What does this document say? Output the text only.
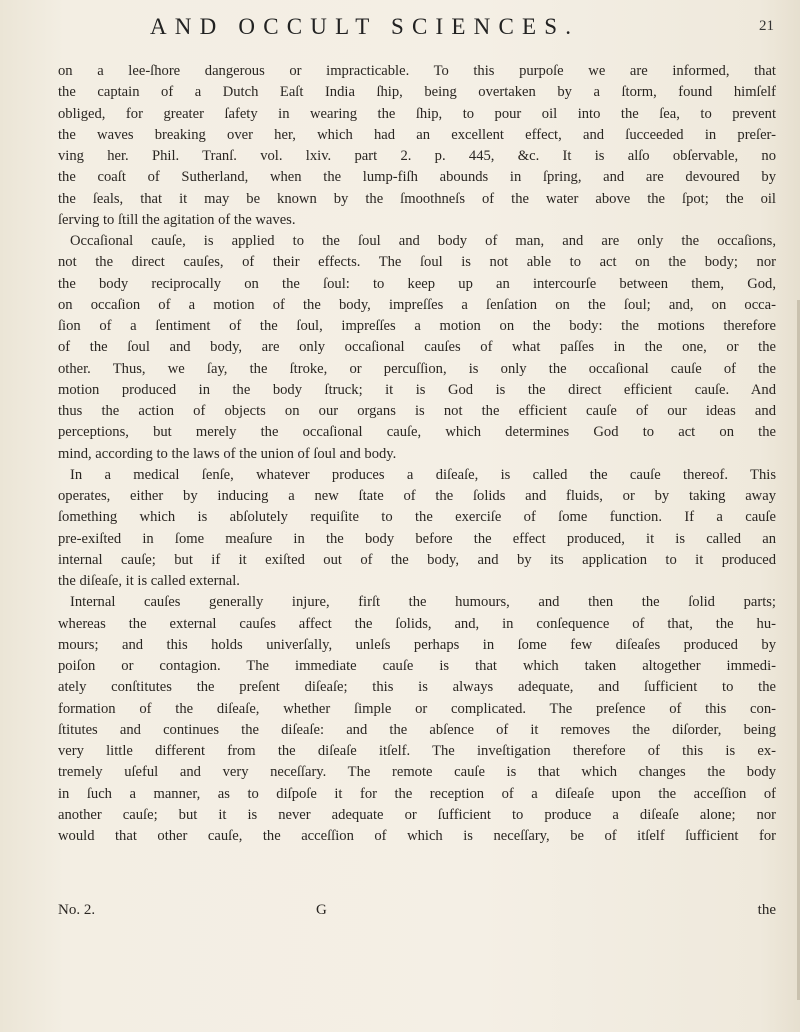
AND OCCULT SCIENCES.	21
on a lee-ſhore dangerous or impracticable. To this purpoſe we are informed, that
the captain of a Dutch Eaſt India ſhip, being overtaken by a ſtorm, found himſelf
obliged, for greater ſafety in wearing the ſhip, to pour oil into the ſea, to prevent
the waves breaking over her, which had an excellent effect, and ſucceeded in preſer-
ving her. Phil. Tranſ. vol. lxiv. part 2. p. 445, &c. It is alſo obſervable, no
the coaſt of Sutherland, when the lump-fiſh abounds in ſpring, and are devoured by
the ſeals, that it may be known by the ſmoothneſs of the water above the ſpot; the oil
ſerving to ſtill the agitation of the waves.
Occaſional cauſe, is applied to the ſoul and body of man, and are only the occaſions,
not the direct cauſes, of their effects. The ſoul is not able to act on the body; nor
the body reciprocally on the ſoul: to keep up an intercourſe between them, God,
on occaſion of a motion of the body, impreſſes a ſenſation on the ſoul; and, on occa-
ſion of a ſentiment of the ſoul, impreſſes a motion on the body: the motions therefore
of the ſoul and body, are only occaſional cauſes of what paſſes in the one, or the
other. Thus, we ſay, the ſtroke, or percuſſion, is only the occaſional cauſe of the
motion produced in the body ſtruck; it is God is the direct efficient cauſe. And
thus the action of objects on our organs is not the efficient cauſe of our ideas and
perceptions, but merely the occaſional cauſe, which determines God to act on the
mind, according to the laws of the union of ſoul and body.
In a medical ſenſe, whatever produces a diſeaſe, is called the cauſe thereof. This
operates, either by inducing a new ſtate of the ſolids and fluids, or by taking away
ſomething which is abſolutely requiſite to the exerciſe of ſome function. If a cauſe
pre-exiſted in ſome meaſure in the body before the effect produced, it is called an
internal cauſe; but if it exiſted out of the body, and by its application to it produced
the diſeaſe, it is called external.
Internal cauſes generally injure, firſt the humours, and then the ſolid parts;
whereas the external cauſes affect the ſolids, and, in conſequence of that, the hu-
mours; and this holds univerſally, unleſs perhaps in ſome few diſeaſes produced by
poiſon or contagion. The immediate cauſe is that which taken altogether immedi-
ately conſtitutes the preſent diſeaſe; this is always adequate, and ſufficient to the
formation of the diſeaſe, whether ſimple or complicated. The preſence of this con-
ſtitutes and continues the diſeaſe: and the abſence of it removes the diſorder, being
very little different from the diſeaſe itſelf. The inveſtigation therefore of this is ex-
tremely uſeful and very neceſſary. The remote cauſe is that which changes the body
in ſuch a manner, as to diſpoſe it for the reception of a diſeaſe upon the acceſſion of
another cauſe; but it is never adequate or ſufficient to produce a diſeaſe alone; nor
would that other cauſe, the acceſſion of which is neceſſary, be of itſelf ſufficient for
No. 2.	G	the
